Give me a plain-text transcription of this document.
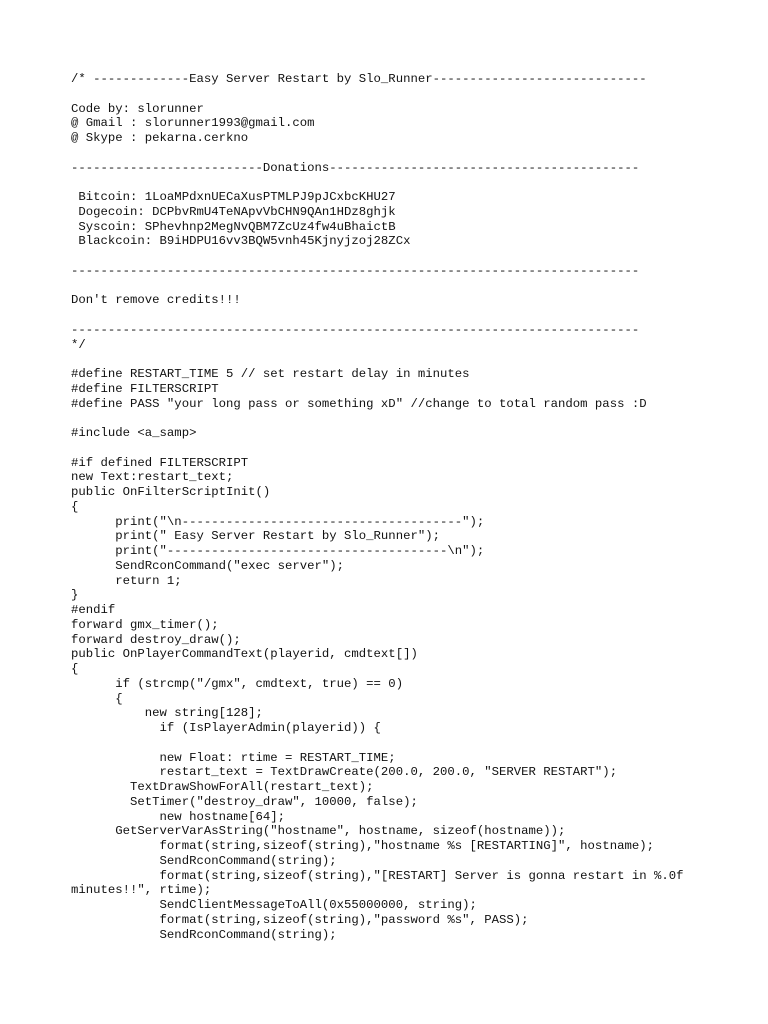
/* -------------Easy Server Restart by Slo_Runner-----------------------------
Code by: slorunner
@ Gmail : slorunner1993@gmail.com
@ Skype : pekarna.cerkno
--------------------------Donations------------------------------------------
Bitcoin: 1LoaMPdxnUECaXusPTMLPJ9pJCxbcKHU27
Dogecoin: DCPbvRmU4TeNApvVbCHN9QAn1HDz8ghjk
Syscoin: SPhevhnp2MegNvQBM7ZcUz4fw4uBhaictB
Blackcoin: B9iHDPU16vv3BQW5vnh45Kjnyjzoj28ZCx
-----------------------------------------------------------------------------
Don't remove credits!!!
-----------------------------------------------------------------------------
*/
#define RESTART_TIME 5 // set restart delay in minutes
#define FILTERSCRIPT
#define PASS "your long pass or something xD" //change to total random pass :D
#include <a_samp>
#if defined FILTERSCRIPT
new Text:restart_text;
public OnFilterScriptInit()
{
print("\n--------------------------------------");
print(" Easy Server Restart by Slo_Runner");
print("--------------------------------------\n");
SendRconCommand("exec server");
return 1;
}
#endif
forward gmx_timer();
forward destroy_draw();
public OnPlayerCommandText(playerid, cmdtext[])
{
if (strcmp("/gmx", cmdtext, true) == 0)
{
new string[128];
if (IsPlayerAdmin(playerid)) {
new Float: rtime = RESTART_TIME;
restart_text = TextDrawCreate(200.0, 200.0, "SERVER RESTART");
TextDrawShowForAll(restart_text);
SetTimer("destroy_draw", 10000, false);
new hostname[64];
GetServerVarAsString("hostname", hostname, sizeof(hostname));
format(string,sizeof(string),"hostname %s [RESTARTING]", hostname);
SendRconCommand(string);
format(string,sizeof(string),"[RESTART] Server is gonna restart in %.0f
minutes!!", rtime);
SendClientMessageToAll(0x55000000, string);
format(string,sizeof(string),"password %s", PASS);
SendRconCommand(string);
